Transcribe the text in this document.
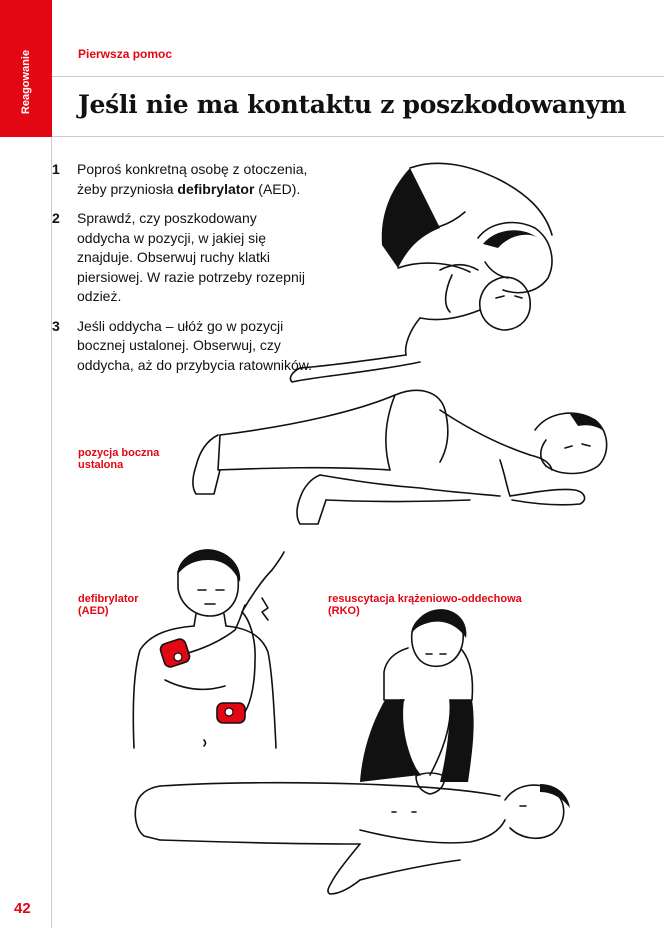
Reagowanie	Pierwsza pomoc
Jeśli nie ma kontaktu z poszkodowanym
1 Poproś konkretną osobę z otoczenia, żeby przyniosła defibrylator (AED).
2 Sprawdź, czy poszkodowany oddycha w pozycji, w jakiej się znajduje. Obserwuj ruchy klatki piersiowej. W razie potrzeby rozepnij odzież.
3 Jeśli oddycha – ułóż go w pozycji bocznej ustalonej. Obserwuj, czy oddycha, aż do przybycia ratowników.
pozycja boczna
ustalona
defibrylator
(AED)
resuscytacja krążeniowo-oddechowa
(RKO)
42
